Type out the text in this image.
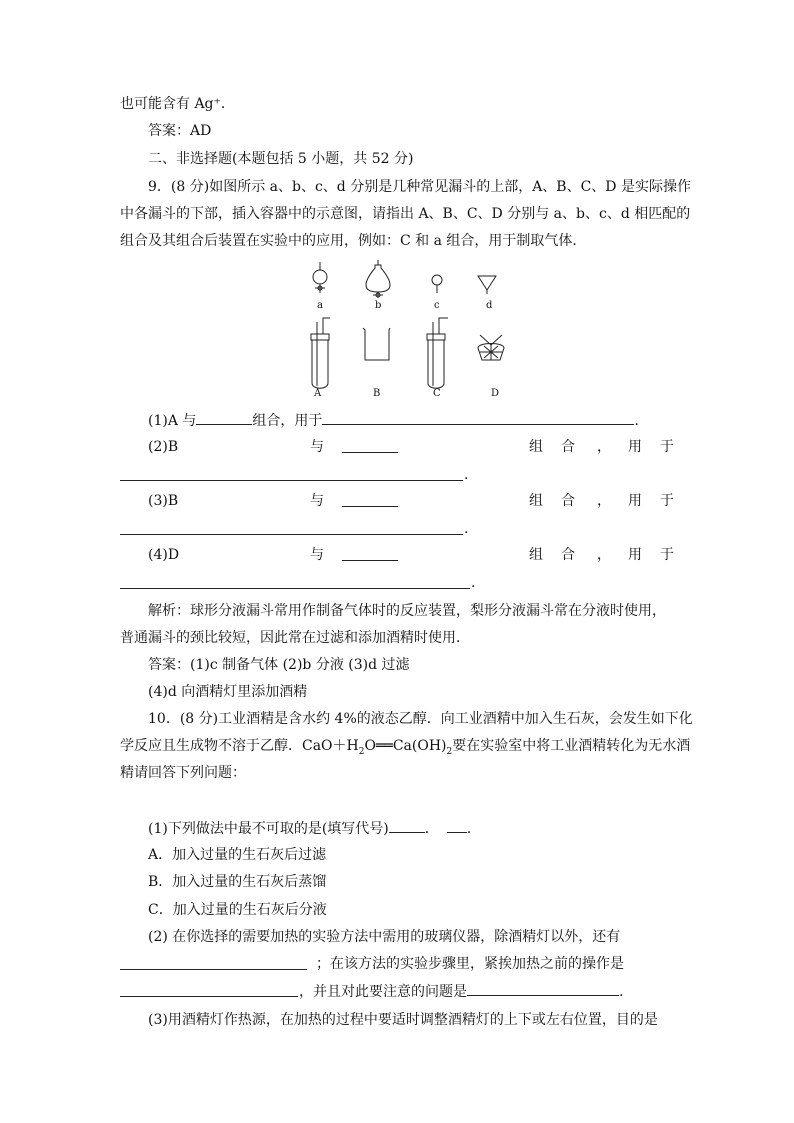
也可能含有 Ag⁺.
答案：AD
二、非选择题(本题包括 5 小题，共 52 分)
9．(8 分)如图所示 a、b、c、d 分别是几种常见漏斗的上部，A、B、C、D 是实际操作
中各漏斗的下部，插入容器中的示意图，请指出 A、B、C、D 分别与 a、b、c、d 相匹配的
组合及其组合后装置在实验中的应用，例如：C 和 a 组合，用于制取气体．
a	b	c	d
A	B	C	D
(1)A 与	组合，用于	.
(2)B	与	组 合 ， 用 于
.
(3)B	与	组 合 ， 用 于
.
(4)D	与	组 合 ， 用 于
.
解析：球形分液漏斗常用作制备气体时的反应装置，梨形分液漏斗常在分液时使用，
普通漏斗的颈比较短，因此常在过滤和添加酒精时使用．
答案：(1)c 制备气体 (2)b 分液 (3)d 过滤
(4)d 向酒精灯里添加酒精
10．(8 分)工业酒精是含水约 4%的液态乙醇．向工业酒精中加入生石灰，会发生如下化
学反应且生成物不溶于乙醇．$CaO+H_2O══Ca(OH)_2$要在实验室中将工业酒精转化为无水酒
精请回答下列问题：
(1)下列做法中最不可取的是(填写代号)	． .
A．加入过量的生石灰后过滤
B．加入过量的生石灰后蒸馏
C．加入过量的生石灰后分液
(2) 在你选择的需要加热的实验方法中需用的玻璃仪器，除酒精灯以外，还有
；在该方法的实验步骤里，紧挨加热之前的操作是
，并且对此要注意的问题是	.
(3)用酒精灯作热源，在加热的过程中要适时调整酒精灯的上下或左右位置，目的是
